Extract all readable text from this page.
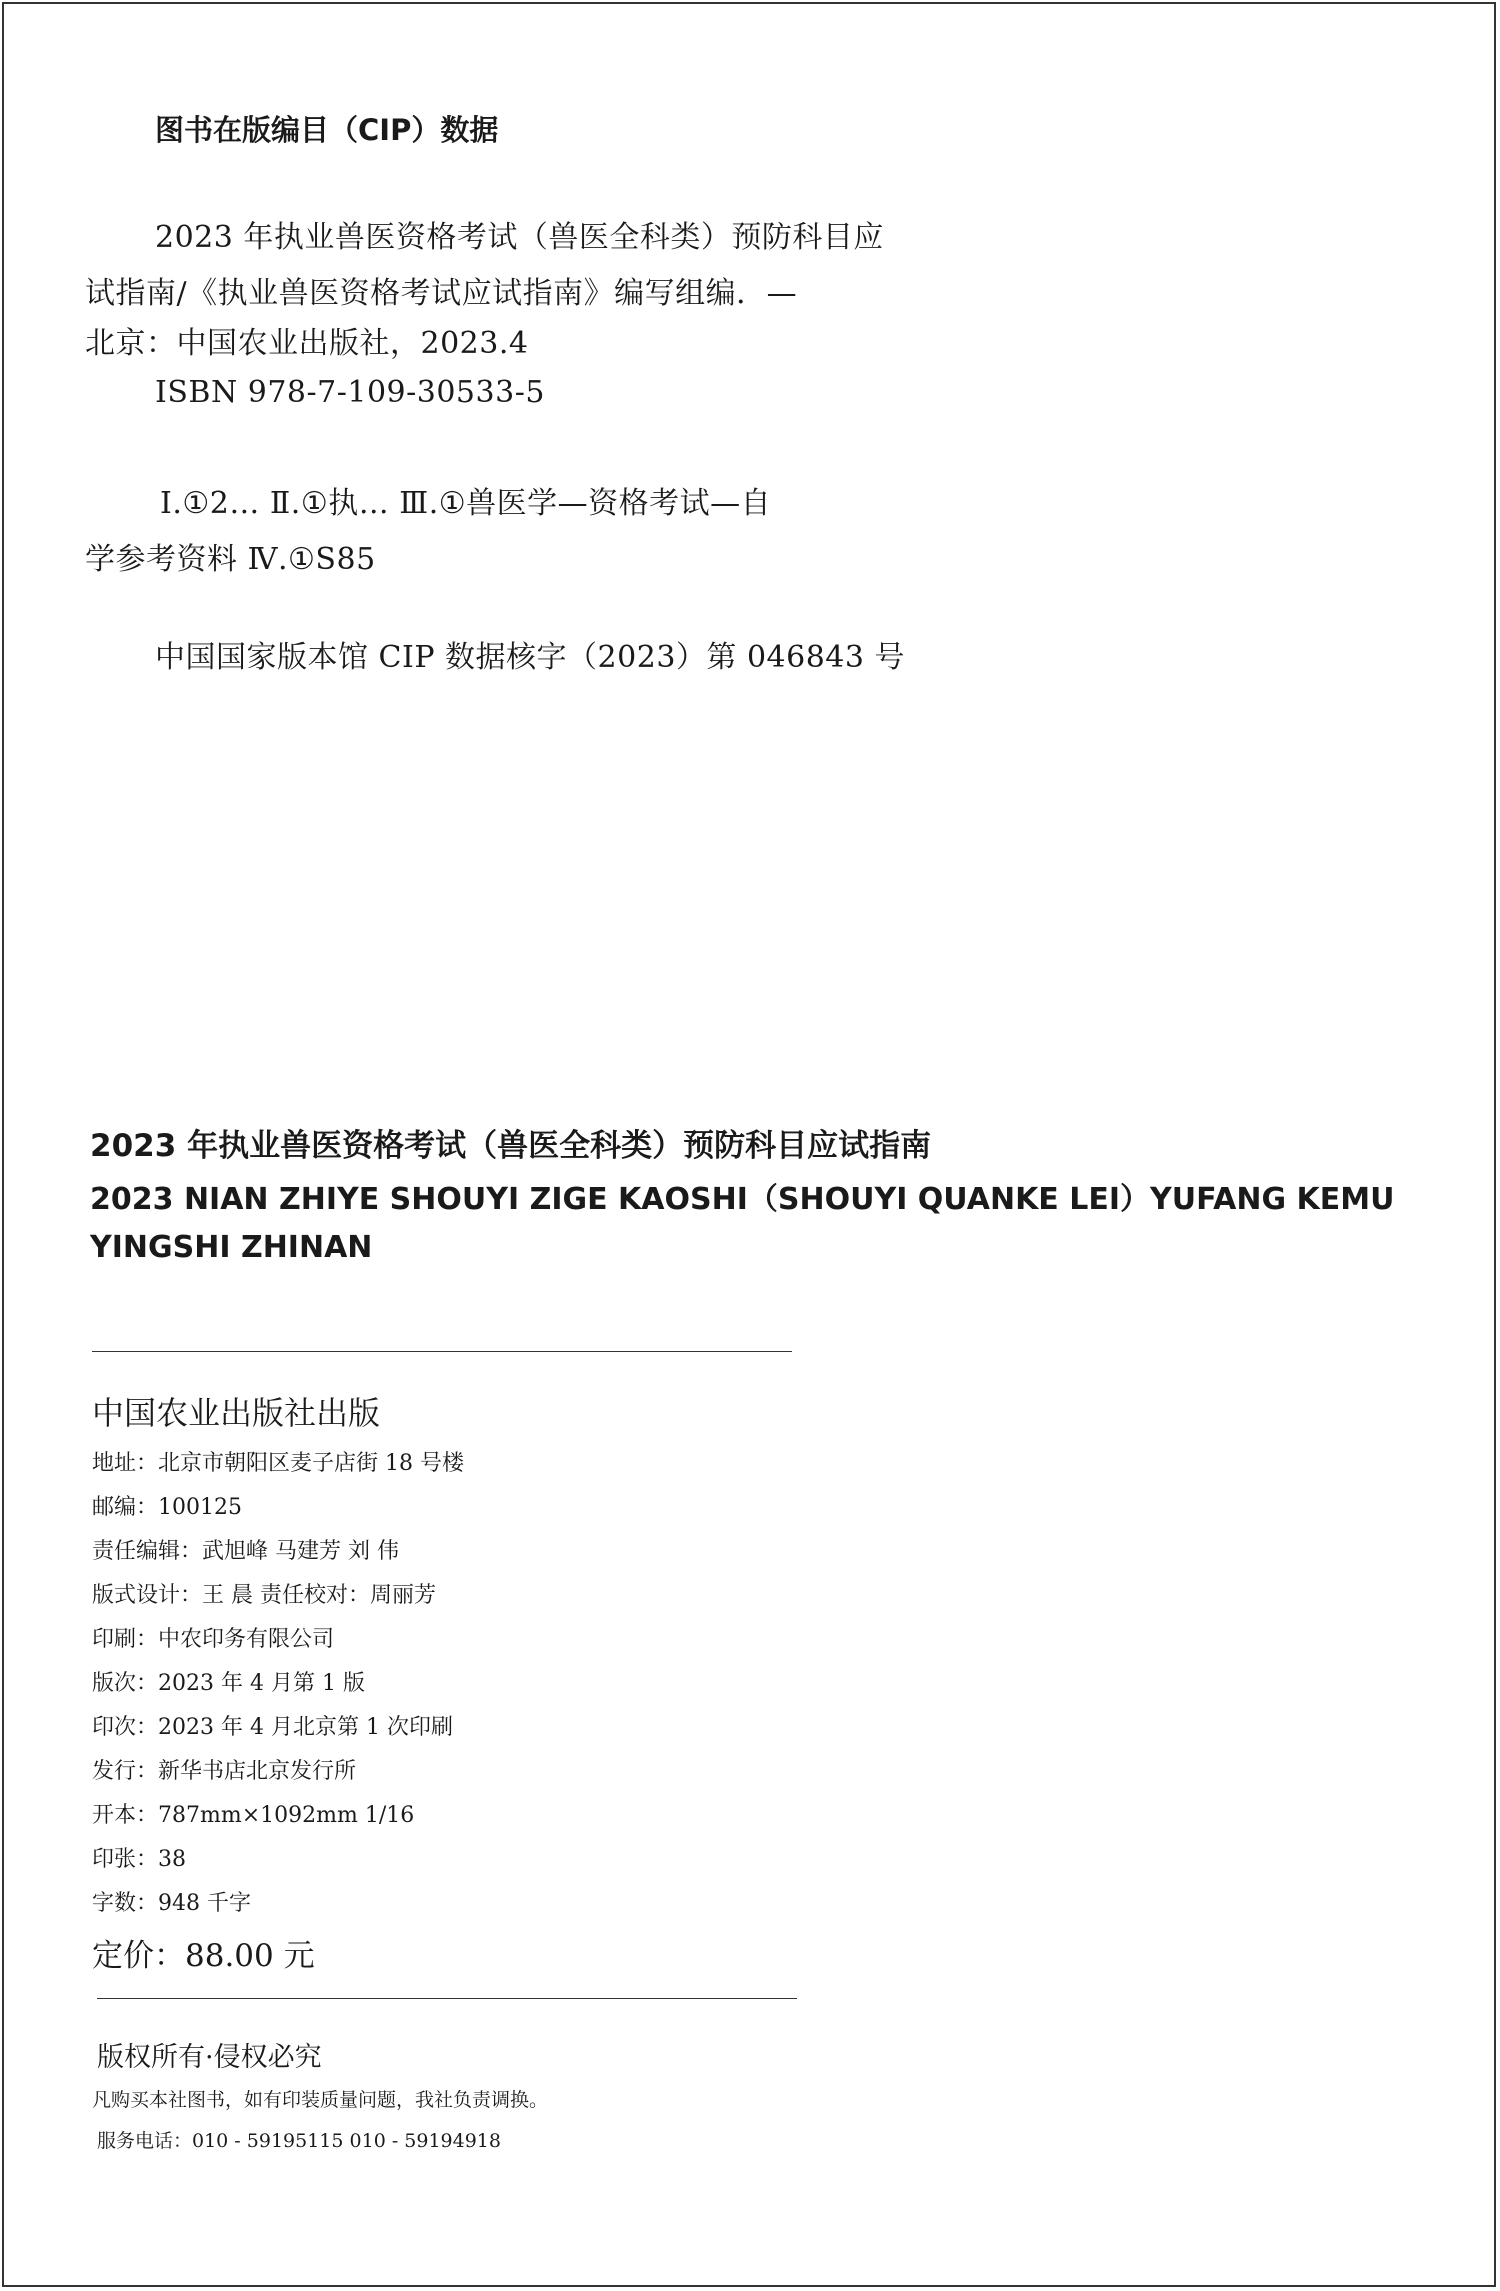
图书在版编目（CIP）数据
2023 年执业兽医资格考试（兽医全科类）预防科目应
试指南/《执业兽医资格考试应试指南》编写组编．—
北京：中国农业出版社，2023.4
ISBN 978-7-109-30533-5
Ⅰ.①2… Ⅱ.①执… Ⅲ.①兽医学—资格考试—自
学参考资料 Ⅳ.①S85
中国国家版本馆 CIP 数据核字（2023）第 046843 号
2023 年执业兽医资格考试（兽医全科类）预防科目应试指南
2023 NIAN ZHIYE SHOUYI ZIGE KAOSHI（SHOUYI QUANKE LEI）YUFANG KEMU
YINGSHI ZHINAN
中国农业出版社出版
地址：北京市朝阳区麦子店街 18 号楼
邮编：100125
责任编辑：武旭峰 马建芳 刘 伟
版式设计：王 晨 责任校对：周丽芳
印刷：中农印务有限公司
版次：2023 年 4 月第 1 版
印次：2023 年 4 月北京第 1 次印刷
发行：新华书店北京发行所
开本：787mm×1092mm 1/16
印张：38
字数：948 千字
定价：88.00 元
版权所有·侵权必究
凡购买本社图书，如有印装质量问题，我社负责调换。
服务电话：010 - 59195115 010 - 59194918
